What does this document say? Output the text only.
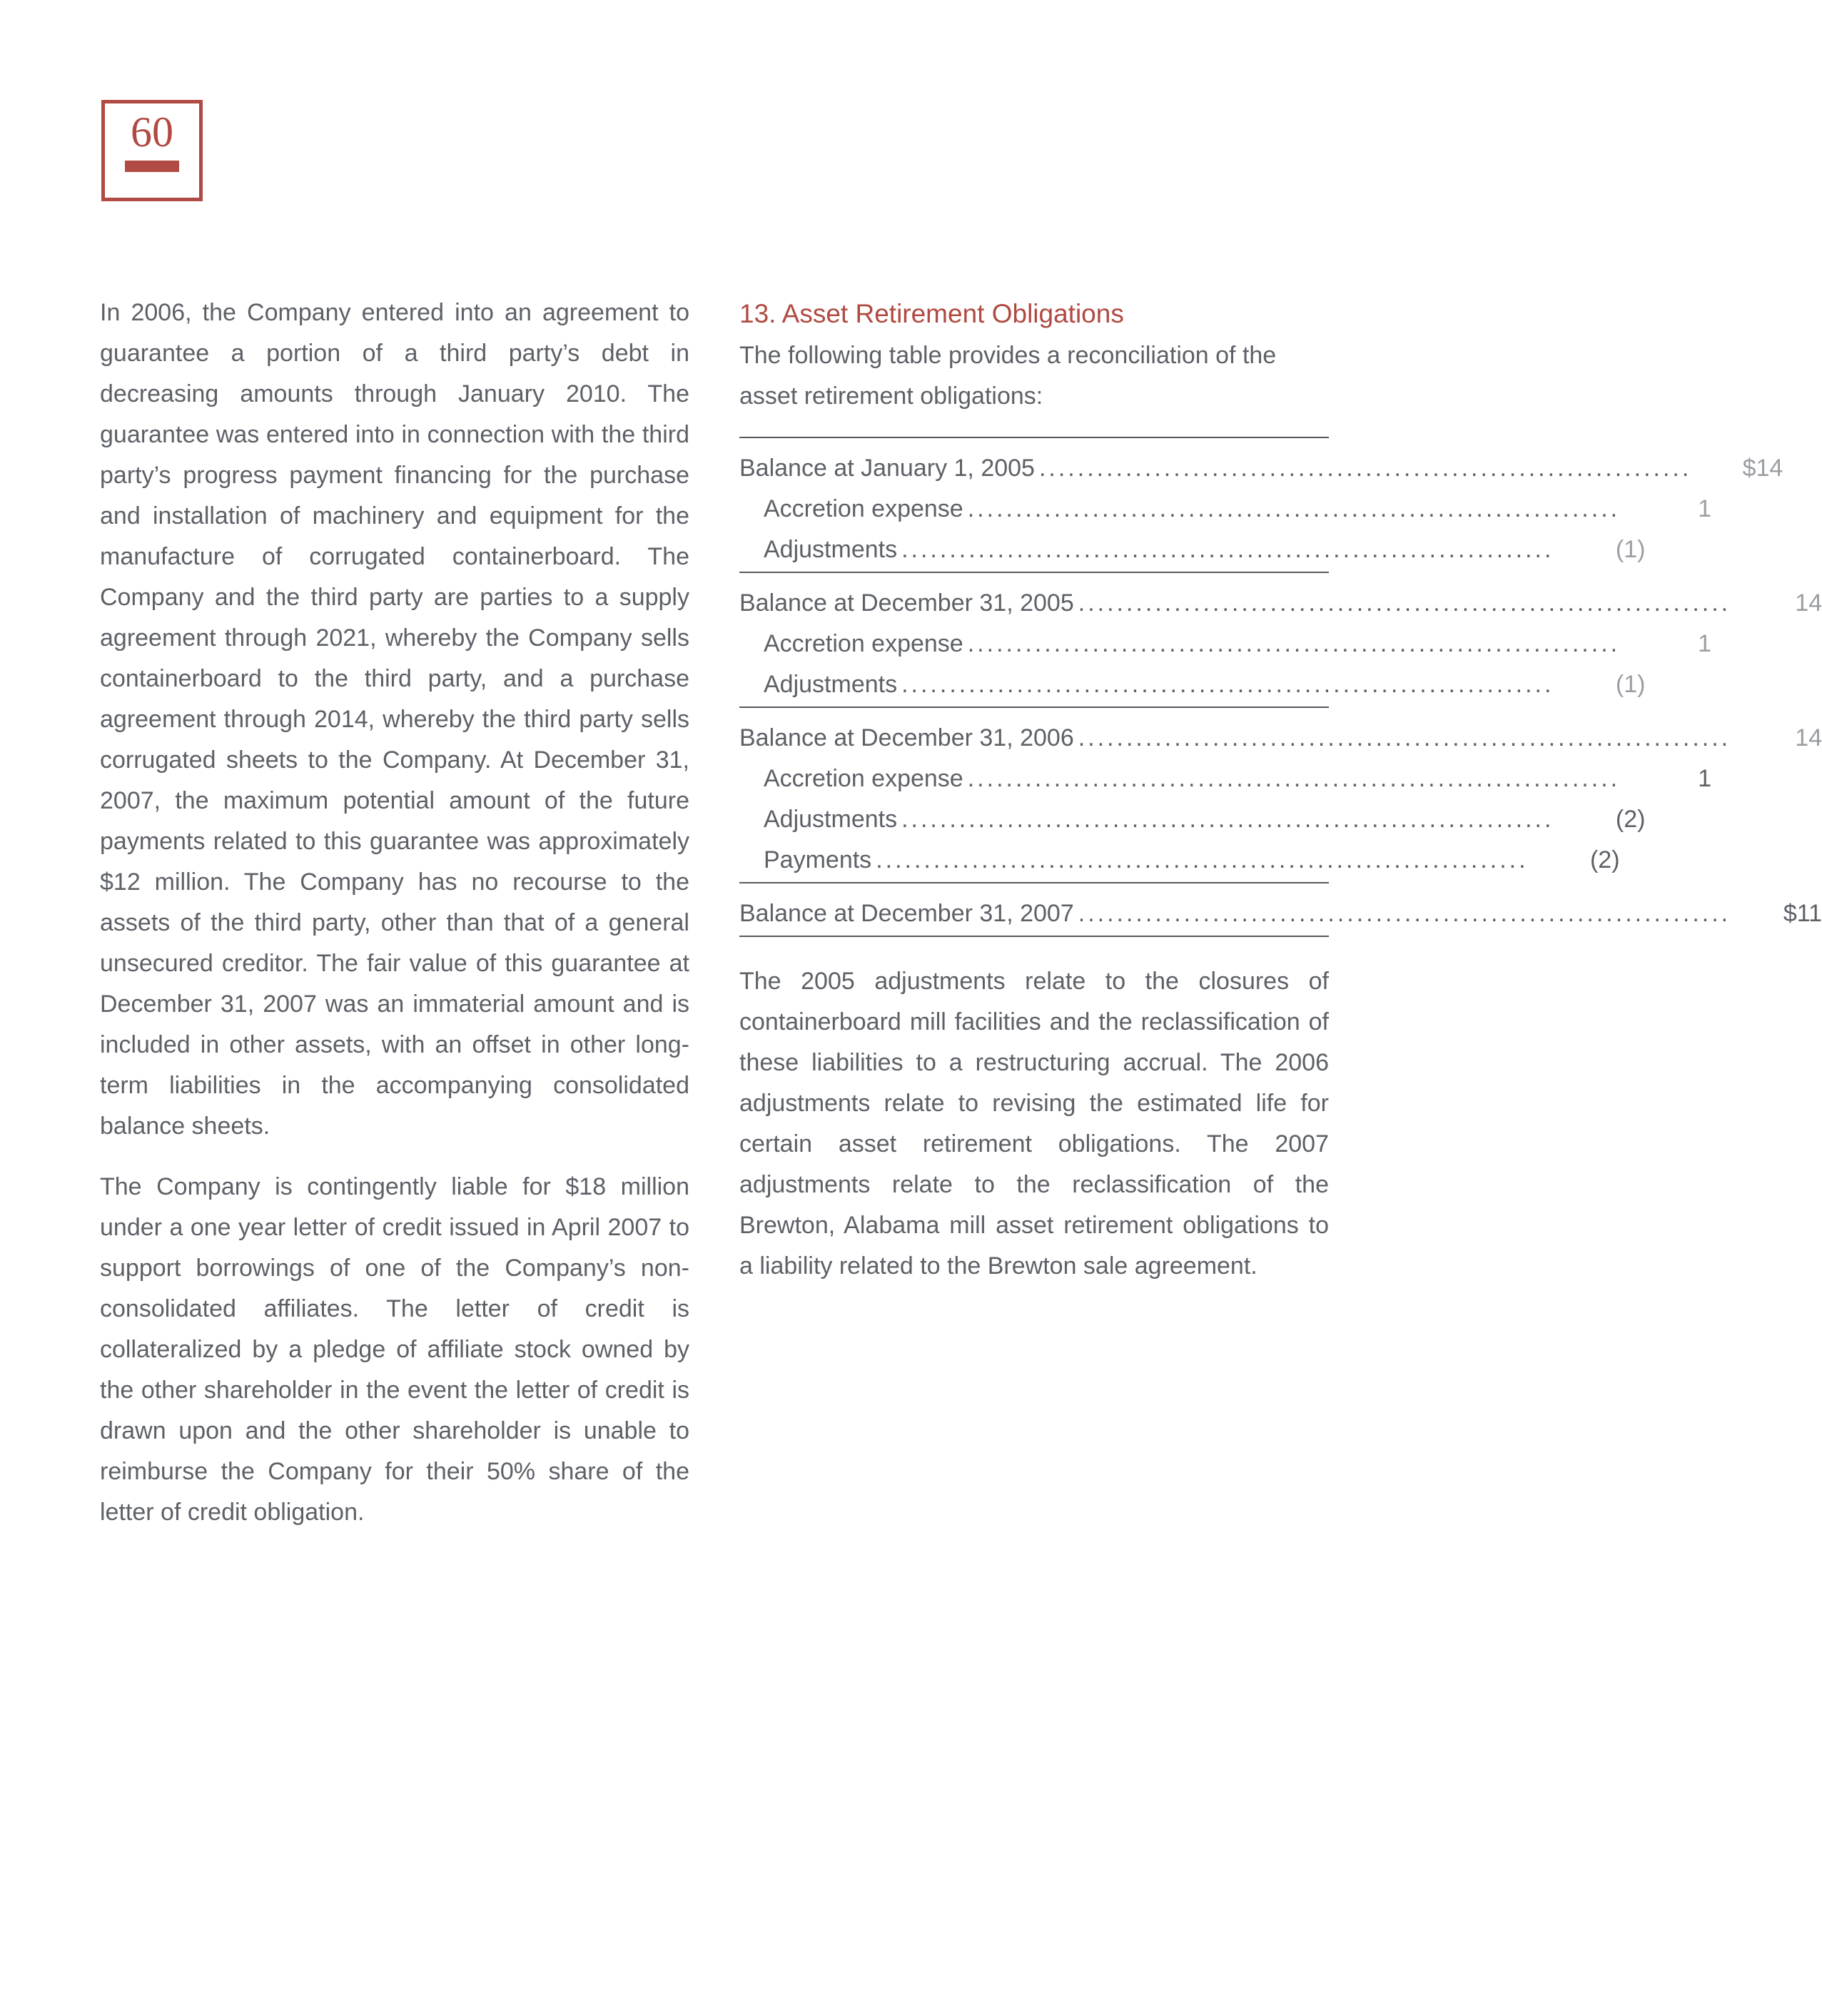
60

In 2006, the Company entered into an agreement to guarantee a portion of a third party’s debt in decreasing amounts through January 2010. The guarantee was entered into in connection with the third party’s progress payment financing for the purchase and installation of machinery and equipment for the manufacture of corrugated containerboard. The Company and the third party are parties to a supply agreement through 2021, whereby the Company sells containerboard to the third party, and a purchase agreement through 2014, whereby the third party sells corrugated sheets to the Company. At December 31, 2007, the maximum potential amount of the future payments related to this guarantee was approximately $12 million. The Company has no recourse to the assets of the third party, other than that of a general unsecured creditor. The fair value of this guarantee at December 31, 2007 was an immaterial amount and is included in other assets, with an offset in other long-term liabilities in the accompanying consolidated balance sheets.

The Company is contingently liable for $18 million under a one year letter of credit issued in April 2007 to support borrowings of one of the Company’s non-consolidated affiliates. The letter of credit is collateralized by a pledge of affiliate stock owned by the other shareholder in the event the letter of credit is drawn upon and the other shareholder is unable to reimburse the Company for their 50% share of the letter of credit obligation.

13. Asset Retirement Obligations

The following table provides a reconciliation of the asset retirement obligations:

Balance at January 1, 2005 ....................................................................	$14
Accretion expense ....................................................................	1
Adjustments ....................................................................	(1)
Balance at December 31, 2005 ....................................................................	14
Accretion expense ....................................................................	1
Adjustments ....................................................................	(1)
Balance at December 31, 2006 ....................................................................	14
Accretion expense ....................................................................	1
Adjustments ....................................................................	(2)
Payments ....................................................................	(2)
Balance at December 31, 2007 ....................................................................	$11

The 2005 adjustments relate to the closures of containerboard mill facilities and the reclassification of these liabilities to a restructuring accrual. The 2006 adjustments relate to revising the estimated life for certain asset retirement obligations. The 2007 adjustments relate to the reclassification of the Brewton, Alabama mill asset retirement obligations to a liability related to the Brewton sale agreement.
